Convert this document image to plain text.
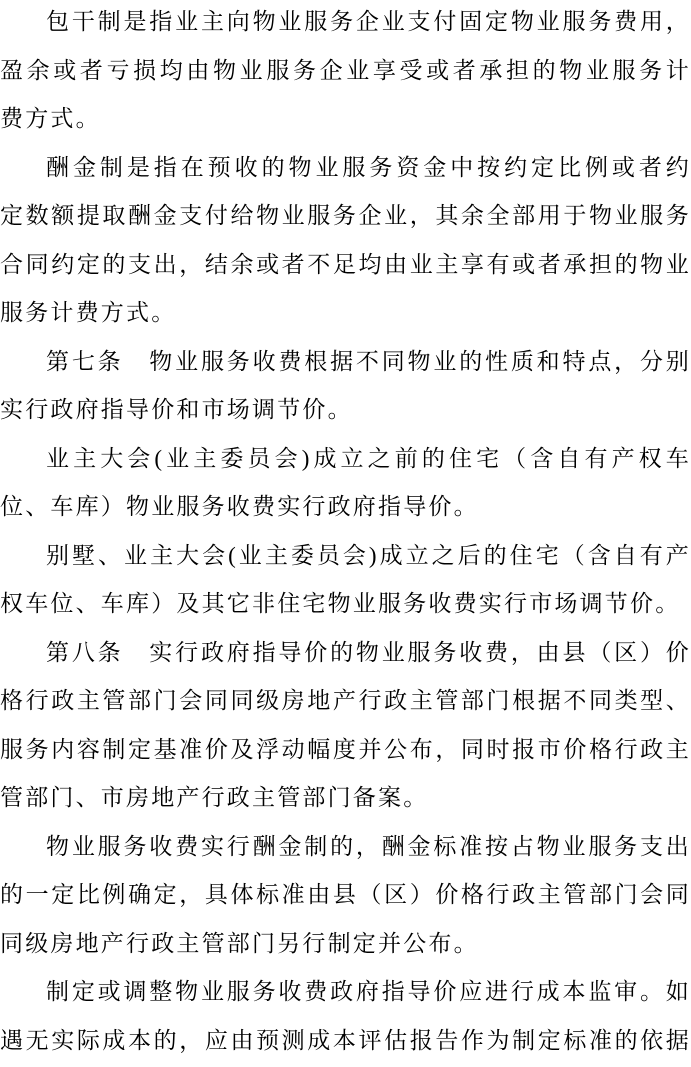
包干制是指业主向物业服务企业支付固定物业服务费用，
盈余或者亏损均由物业服务企业享受或者承担的物业服务计
费方式。
酬金制是指在预收的物业服务资金中按约定比例或者约
定数额提取酬金支付给物业服务企业，其余全部用于物业服务
合同约定的支出，结余或者不足均由业主享有或者承担的物业
服务计费方式。
第七条　物业服务收费根据不同物业的性质和特点，分别
实行政府指导价和市场调节价。
业主大会(业主委员会)成立之前的住宅（含自有产权车
位、车库）物业服务收费实行政府指导价。
别墅、业主大会(业主委员会)成立之后的住宅（含自有产
权车位、车库）及其它非住宅物业服务收费实行市场调节价。
第八条　实行政府指导价的物业服务收费，由县（区）价
格行政主管部门会同同级房地产行政主管部门根据不同类型、
服务内容制定基准价及浮动幅度并公布，同时报市价格行政主
管部门、市房地产行政主管部门备案。
物业服务收费实行酬金制的，酬金标准按占物业服务支出
的一定比例确定，具体标准由县（区）价格行政主管部门会同
同级房地产行政主管部门另行制定并公布。
制定或调整物业服务收费政府指导价应进行成本监审。如
遇无实际成本的，应由预测成本评估报告作为制定标准的依据
